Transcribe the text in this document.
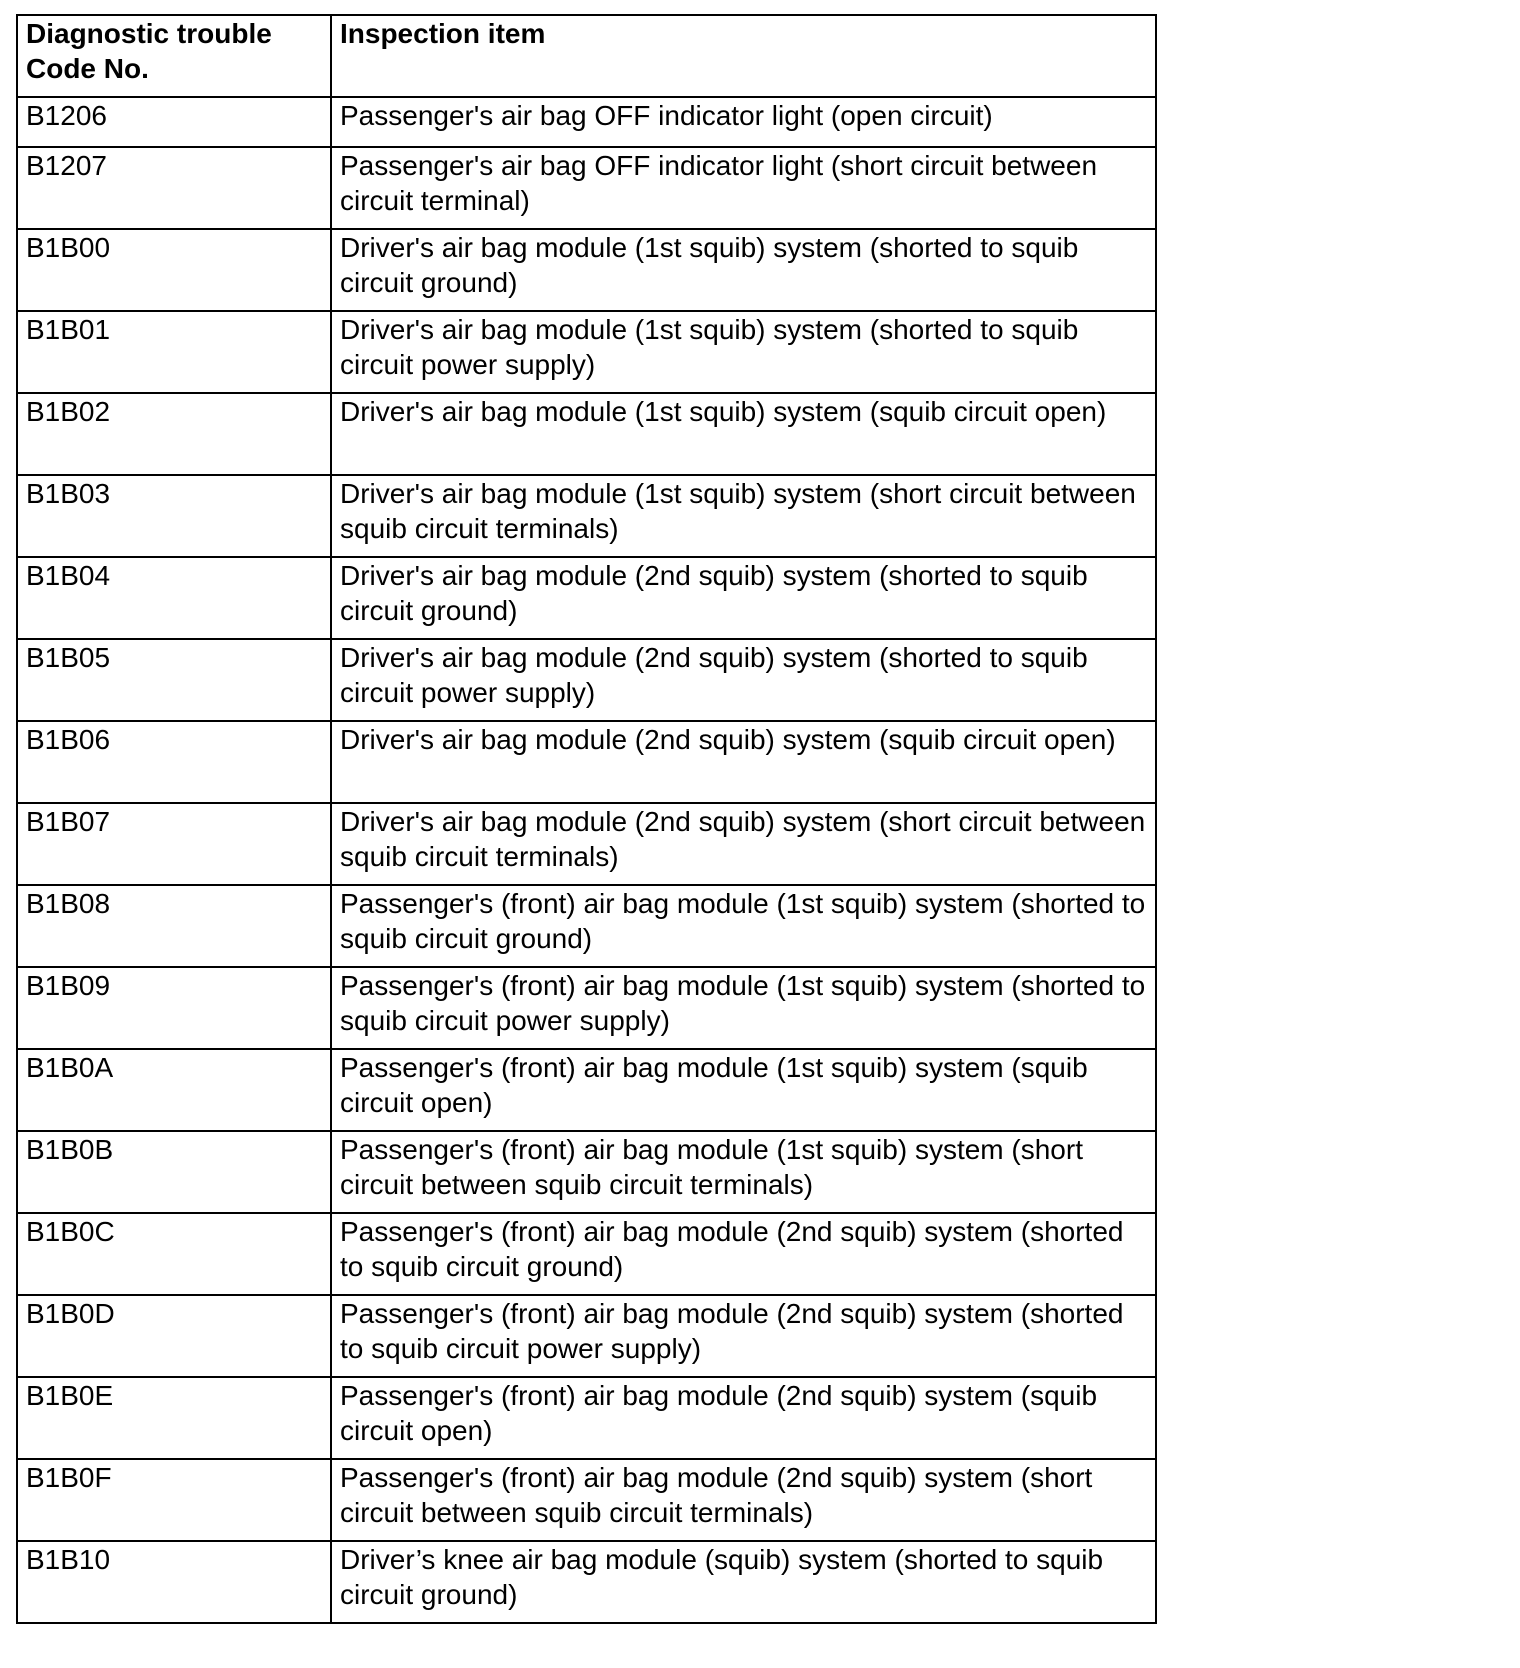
Diagnostic trouble Code No.	Inspection item
B1206	Passenger's air bag OFF indicator light (open circuit)
B1207	Passenger's air bag OFF indicator light (short circuit between circuit terminal)
B1B00	Driver's air bag module (1st squib) system (shorted to squib circuit ground)
B1B01	Driver's air bag module (1st squib) system (shorted to squib circuit power supply)
B1B02	Driver's air bag module (1st squib) system (squib circuit open)
B1B03	Driver's air bag module (1st squib) system (short circuit between squib circuit terminals)
B1B04	Driver's air bag module (2nd squib) system (shorted to squib circuit ground)
B1B05	Driver's air bag module (2nd squib) system (shorted to squib circuit power supply)
B1B06	Driver's air bag module (2nd squib) system (squib circuit open)
B1B07	Driver's air bag module (2nd squib) system (short circuit between squib circuit terminals)
B1B08	Passenger's (front) air bag module (1st squib) system (shorted to squib circuit ground)
B1B09	Passenger's (front) air bag module (1st squib) system (shorted to squib circuit power supply)
B1B0A	Passenger's (front) air bag module (1st squib) system (squib circuit open)
B1B0B	Passenger's (front) air bag module (1st squib) system (short circuit between squib circuit terminals)
B1B0C	Passenger's (front) air bag module (2nd squib) system (shorted to squib circuit ground)
B1B0D	Passenger's (front) air bag module (2nd squib) system (shorted to squib circuit power supply)
B1B0E	Passenger's (front) air bag module (2nd squib) system (squib circuit open)
B1B0F	Passenger's (front) air bag module (2nd squib) system (short circuit between squib circuit terminals)
B1B10	Driver’s knee air bag module (squib) system (shorted to squib circuit ground)
